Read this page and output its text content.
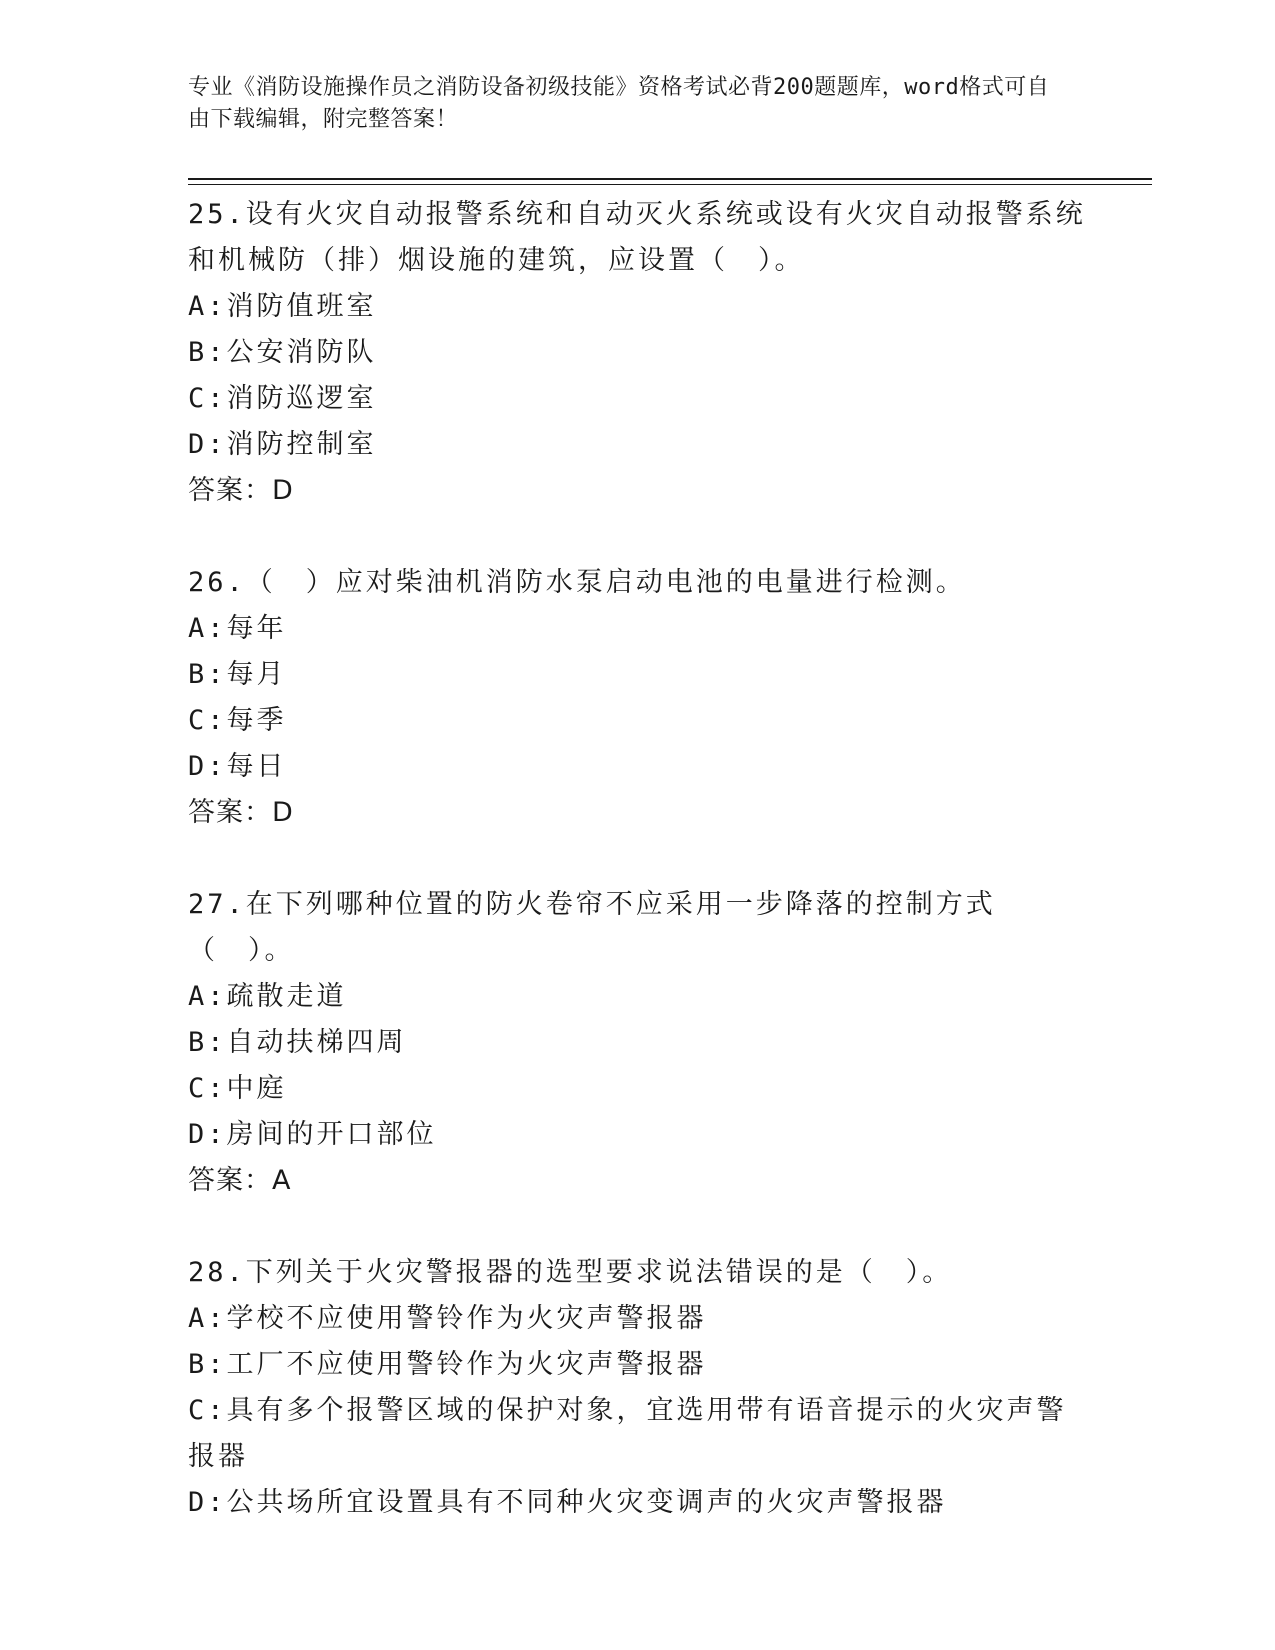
专业《消防设施操作员之消防设备初级技能》资格考试必背200题题库，word格式可自由下载编辑，附完整答案！

25.设有火灾自动报警系统和自动灭火系统或设有火灾自动报警系统和机械防（排）烟设施的建筑，应设置（　）。

A:消防值班室

B:公安消防队

C:消防巡逻室

D:消防控制室

答案：D

26.（　）应对柴油机消防水泵启动电池的电量进行检测。

A:每年

B:每月

C:每季

D:每日

答案：D

27.在下列哪种位置的防火卷帘不应采用一步降落的控制方式（　）。

A:疏散走道

B:自动扶梯四周

C:中庭

D:房间的开口部位

答案：A

28.下列关于火灾警报器的选型要求说法错误的是（　）。

A:学校不应使用警铃作为火灾声警报器

B:工厂不应使用警铃作为火灾声警报器

C:具有多个报警区域的保护对象，宜选用带有语音提示的火灾声警报器

D:公共场所宜设置具有不同种火灾变调声的火灾声警报器
